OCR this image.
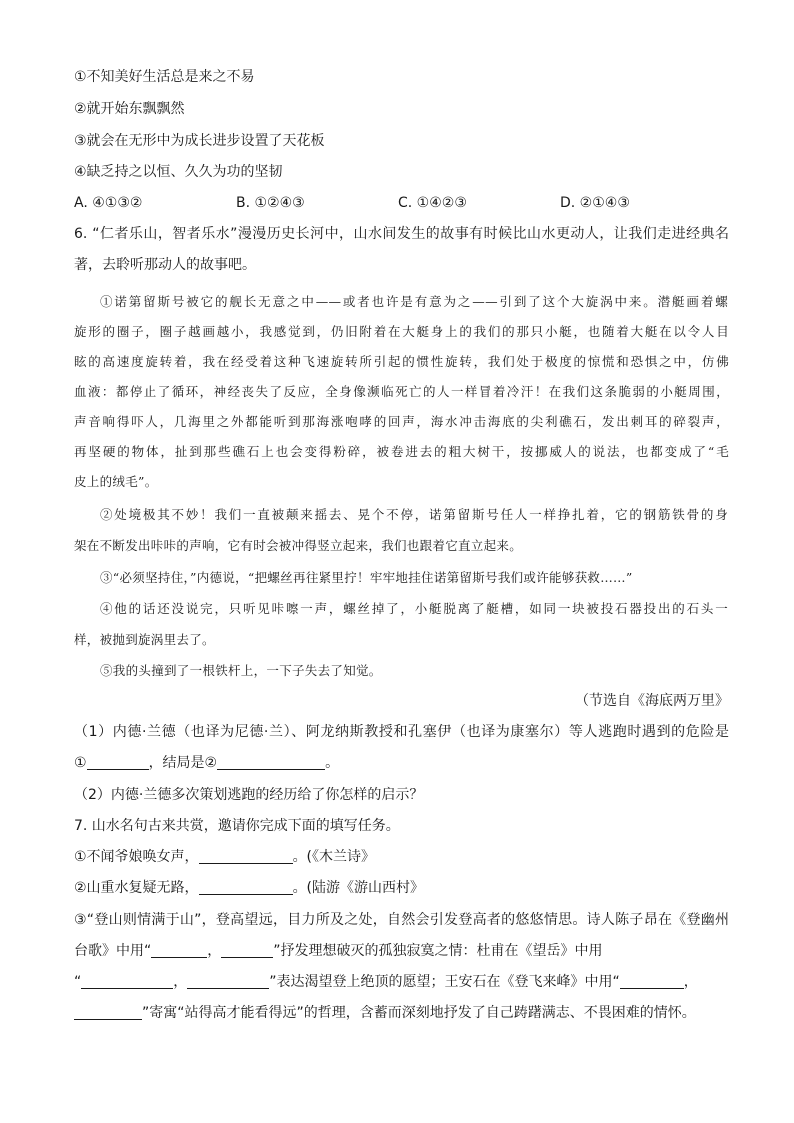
①不知美好生活总是来之不易
②就开始东飘飘然
③就会在无形中为成长进步设置了天花板
④缺乏持之以恒、久久为功的坚韧
A. ④①③②	B. ①②④③	C. ①④②③	D. ②①④③
6. “仁者乐山，智者乐水”漫漫历史长河中，山水间发生的故事有时候比山水更动人，让我们走进经典名
著，去聆听那动人的故事吧。
①诺第留斯号被它的舰长无意之中——或者也许是有意为之——引到了这个大旋涡中来。潜艇画着螺
旋形的圈子，圈子越画越小，我感觉到，仍旧附着在大艇身上的我们的那只小艇，也随着大艇在以令人目
眩的高速度旋转着，我在经受着这种飞速旋转所引起的惯性旋转，我们处于极度的惊慌和恐惧之中，仿佛
血液：都停止了循环，神经丧失了反应，全身像濒临死亡的人一样冒着冷汗！在我们这条脆弱的小艇周围，
声音响得吓人，几海里之外都能听到那海涨咆哮的回声，海水冲击海底的尖利礁石，发出刺耳的碎裂声，
再坚硬的物体，扯到那些礁石上也会变得粉碎，被卷进去的粗大树干，按挪威人的说法，也都变成了“毛
皮上的绒毛”。
②处境极其不妙！我们一直被颠来摇去、晃个不停，诺第留斯号任人一样挣扎着，它的钢筋铁骨的身
架在不断发出咔咔的声响，它有时会被冲得竖立起来，我们也跟着它直立起来。
③“必须坚持住，”内德说，“把螺丝再往紧里拧！牢牢地挂住诺第留斯号我们或许能够获救……”
④他的话还没说完，只听见咔嚓一声，螺丝掉了，小艇脱离了艇槽，如同一块被投石器投出的石头一
样，被抛到旋涡里去了。
⑤我的头撞到了一根铁杆上，一下子失去了知觉。
（节选自《海底两万里》
（1）内德·兰德（也译为尼德·兰）、阿龙纳斯教授和孔塞伊（也译为康塞尔）等人逃跑时遇到的危险是
①	，结局是②	。
（2）内德·兰德多次策划逃跑的经历给了你怎样的启示？
7. 山水名句古来共赏，邀请你完成下面的填写任务。
①不闻爷娘唤女声，	。(《木兰诗》
②山重水复疑无路，	。(陆游《游山西村》
③“登山则情满于山”，登高望远，目力所及之处，自然会引发登高者的悠悠情思。诗人陈子昂在《登幽州
台歌》中用“	，	”抒发理想破灭的孤独寂寞之情：杜甫在《望岳》中用
“	，	”表达渴望登上绝顶的愿望；王安石在《登飞来峰》中用“	，
”寄寓“站得高才能看得远”的哲理，含蓄而深刻地抒发了自己踌躇满志、不畏困难的情怀。
